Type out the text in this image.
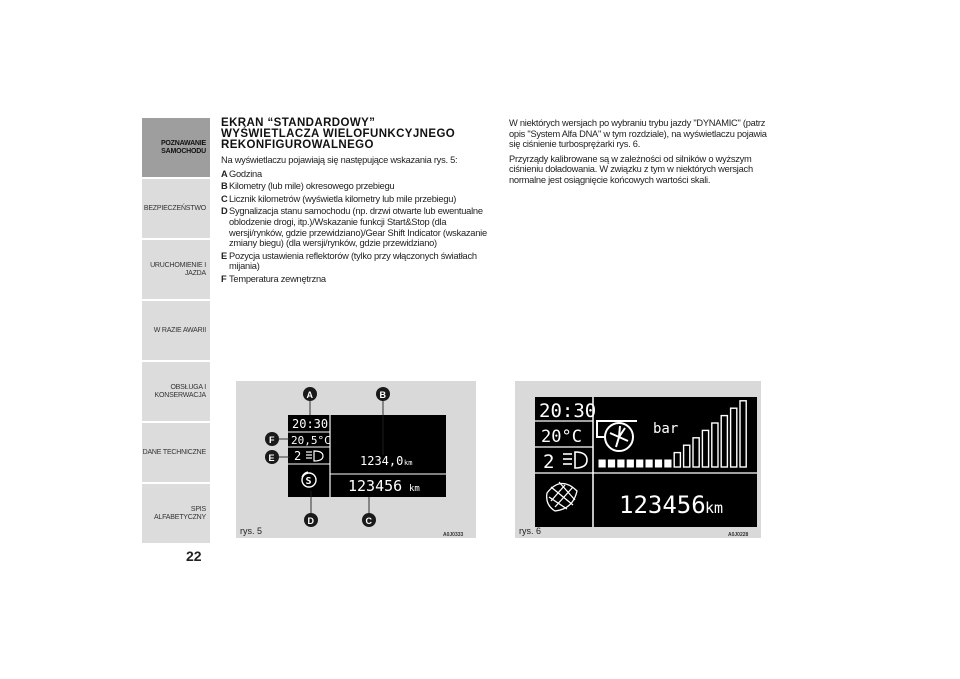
POZNAWANIE
SAMOCHODU
BEZPIECZEŃSTWO
URUCHOMIENIE I
JAZDA
W RAZIE AWARII
OBSŁUGA I
KONSERWACJA
DANE TECHNICZNE
SPIS ALFABETYCZNY
22
EKRAN “STANDARDOWY”
WYŚWIETLACZA WIELOFUNKCYJNEGO
REKONFIGUROWALNEGO
Na wyświetlaczu pojawiają się następujące wskazania rys. 5:
A Godzina
B Kilometry (lub mile) okresowego przebiegu
C Licznik kilometrów (wyświetla kilometry lub mile przebiegu)
D Sygnalizacja stanu samochodu (np. drzwi otwarte lub ewentualne oblodzenie drogi, itp.)/Wskazanie funkcji Start&Stop (dla wersji/rynków, gdzie przewidziano)/Gear Shift Indicator (wskazanie zmiany biegu) (dla wersji/rynków, gdzie przewidziano)
E Pozycja ustawienia reflektorów (tylko przy włączonych światłach mijania)
F Temperatura zewnętrzna

W niektórych wersjach po wybraniu trybu jazdy "DYNAMIC" (patrz opis "System Alfa DNA" w tym rozdziale), na wyświetlaczu pojawia się ciśnienie turbosprężarki rys. 6.

Przyrządy kalibrowane są w zależności od silników o wyższym ciśnieniu doładowania. W związku z tym w niektórych wersjach normalne jest osiągnięcie końcowych wartości skali.

20:30
20,5°C
2
S
1234,0 km
123456 km
A	B
C
D
E
F
rys. 5	A0J0333
20:30
20°C
2
bar
123456 km
rys. 6	A0J0228
